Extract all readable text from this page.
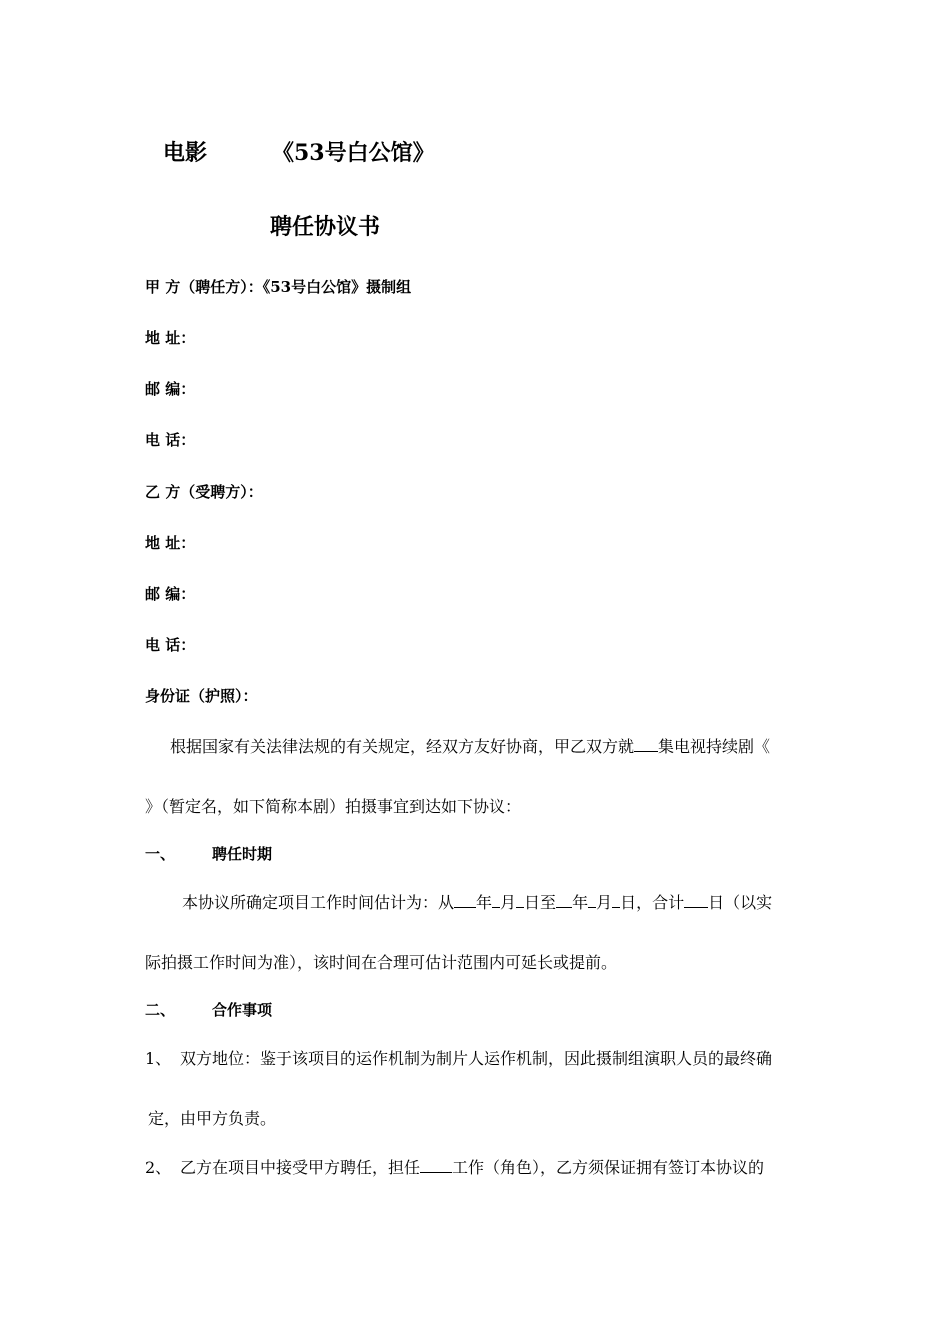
电影	《53号白公馆》
聘任协议书
甲 方（聘任方）：《53号白公馆》摄制组
地 址：
邮 编：
电 话：
乙 方（受聘方）：
地 址：
邮 编：
电 话：
身份证（护照）：
根据国家有关法律法规的有关规定，经双方友好协商，甲乙双方就 集电视持续剧《
》（暂定名，如下简称本剧）拍摄事宜到达如下协议：
一、 聘任时期
本协议所确定项目工作时间估计为：从 年 月 日至 年 月 日，合计 日（以实
际拍摄工作时间为准），该时间在合理可估计范围内可延长或提前。
二、 合作事项
1、 双方地位：鉴于该项目的运作机制为制片人运作机制，因此摄制组演职人员的最终确
定，由甲方负责。
2、 乙方在项目中接受甲方聘任，担任 工作（角色），乙方须保证拥有签订本协议的
